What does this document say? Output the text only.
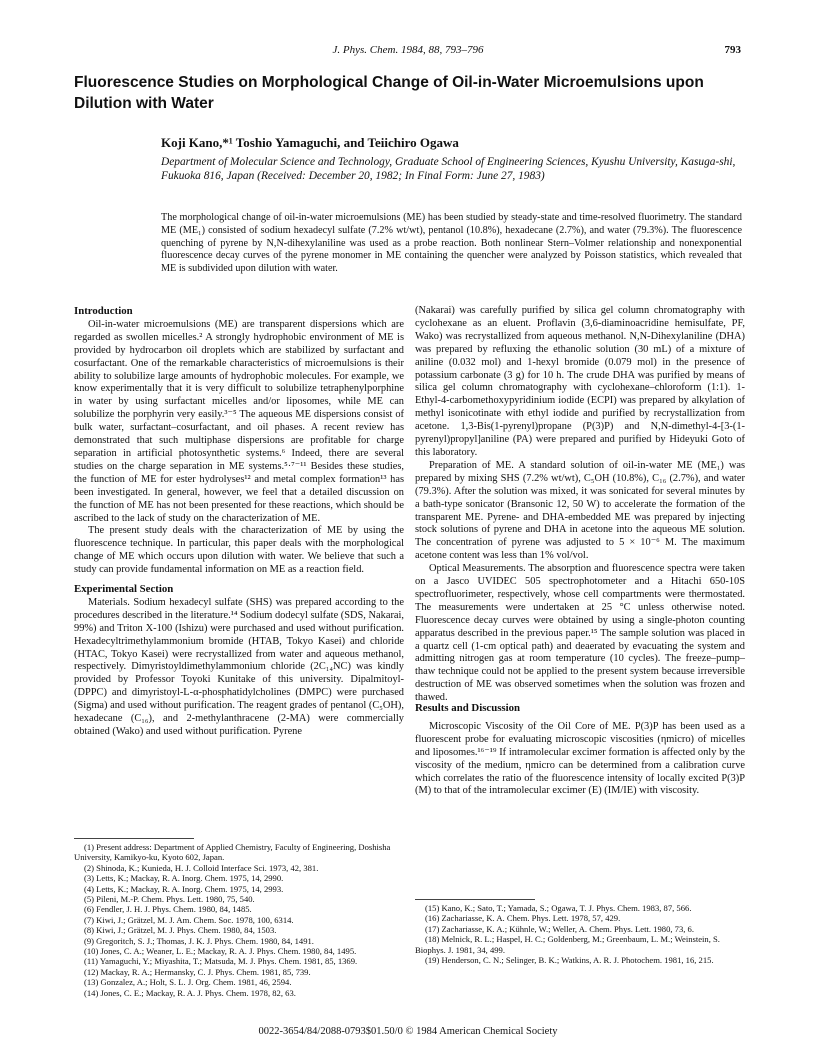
J. Phys. Chem. 1984, 88, 793–796	793
Fluorescence Studies on Morphological Change of Oil-in-Water Microemulsions upon Dilution with Water
Koji Kano,*¹ Toshio Yamaguchi, and Teiichiro Ogawa
Department of Molecular Science and Technology, Graduate School of Engineering Sciences, Kyushu University, Kasuga-shi, Fukuoka 816, Japan (Received: December 20, 1982; In Final Form: June 27, 1983)
The morphological change of oil-in-water microemulsions (ME) has been studied by steady-state and time-resolved fluorimetry. The standard ME (ME₁) consisted of sodium hexadecyl sulfate (7.2% wt/wt), pentanol (10.8%), hexadecane (2.7%), and water (79.3%). The fluorescence quenching of pyrene by N,N-dihexylaniline was used as a probe reaction. Both nonlinear Stern–Volmer relationship and nonexponential fluorescence decay curves of the pyrene monomer in ME containing the quencher were analyzed by Poisson statistics, which revealed that ME is subdivided upon dilution with water.
Introduction

Oil-in-water microemulsions (ME) are transparent dispersions which are regarded as swollen micelles.² A strongly hydrophobic environment of ME is provided by hydrocarbon oil droplets which are stabilized by surfactant and cosurfactant. One of the remarkable characteristics of microemulsions is their ability to solubilize large amounts of hydrophobic molecules. For example, we know experimentally that it is very difficult to solubilize tetraphenylporphine in water by using surfactant micelles and/or liposomes, while ME can solubilize the porphyrin very easily.³⁻⁵ The aqueous ME dispersions consist of bulk water, surfactant–cosurfactant, and oil phases. A recent review has demonstrated that such multiphase dispersions are profitable for charge separation in artificial photosynthetic systems.⁶ Indeed, there are several studies on the charge separation in ME systems.⁵·⁷⁻¹¹ Besides these studies, the function of ME for ester hydrolyses¹² and metal complex formation¹³ has been investigated. In general, however, we feel that a detailed discussion on the function of ME has not been presented for these reactions, which should be ascribed to the lack of study on the characterization of ME.

The present study deals with the characterization of ME by using the fluorescence technique. In particular, this paper deals with the morphological change of ME which occurs upon dilution with water. We believe that such a study can provide fundamental information on ME as a reaction field.

Experimental Section

Materials. Sodium hexadecyl sulfate (SHS) was prepared according to the procedures described in the literature.¹⁴ Sodium dodecyl sulfate (SDS, Nakarai, 99%) and Triton X-100 (Ishizu) were purchased and used without purification. Hexadecyltrimethylammonium bromide (HTAB, Tokyo Kasei) and chloride (HTAC, Tokyo Kasei) were recrystallized from water and aqueous methanol, respectively. Dimyristoyldimethylammonium chloride (2C₁₄NC) was kindly provided by Professor Toyoki Kunitake of this university. Dipalmitoyl- (DPPC) and dimyristoyl-L-α-phosphatidylcholines (DMPC) were purchased (Sigma) and used without purification. The reagent grades of pentanol (C₅OH), hexadecane (C₁₆), and 2-methylanthracene (2-MA) were commercially obtained (Wako) and used without purification. Pyrene

(Nakarai) was carefully purified by silica gel column chromatography with cyclohexane as an eluent. Proflavin (3,6-diaminoacridine hemisulfate, PF, Wako) was recrystallized from aqueous methanol. N,N-Dihexylaniline (DHA) was prepared by refluxing the ethanolic solution (30 mL) of a mixture of aniline (0.032 mol) and 1-hexyl bromide (0.079 mol) in the presence of potassium carbonate (3 g) for 10 h. The crude DHA was purified by means of silica gel column chromatography with cyclohexane–chloroform (1:1). 1-Ethyl-4-carbomethoxypyridinium iodide (ECPI) was prepared by alkylation of methyl isonicotinate with ethyl iodide and purified by recrystallization from acetone. 1,3-Bis(1-pyrenyl)propane (P(3)P) and N,N-dimethyl-4-[3-(1-pyrenyl)propyl]aniline (PA) were prepared and purified by Hideyuki Goto of this laboratory.

Preparation of ME. A standard solution of oil-in-water ME (ME₁) was prepared by mixing SHS (7.2% wt/wt), C₅OH (10.8%), C₁₆ (2.7%), and water (79.3%). After the solution was mixed, it was sonicated for several minutes by a bath-type sonicator (Bransonic 12, 50 W) to accelerate the formation of the transparent ME. Pyrene- and DHA-embedded ME was prepared by injecting stock solutions of pyrene and DHA in acetone into the aqueous ME solution. The concentration of pyrene was adjusted to 5 × 10⁻⁶ M. The maximum acetone content was less than 1% vol/vol.

Optical Measurements. The absorption and fluorescence spectra were taken on a Jasco UVIDEC 505 spectrophotometer and a Hitachi 650-10S spectrofluorimeter, respectively, whose cell compartments were thermostated. The measurements were undertaken at 25 °C unless otherwise noted. Fluorescence decay curves were obtained by using a single-photon counting apparatus described in the previous paper.¹⁵ The sample solution was placed in a quartz cell (1-cm optical path) and deaerated by evacuating the system and admitting nitrogen gas at room temperature (10 cycles). The freeze–pump–thaw technique could not be applied to the present system because irreversible destruction of ME was observed sometimes when the solution was frozen and thawed.

Results and Discussion

Microscopic Viscosity of the Oil Core of ME. P(3)P has been used as a fluorescent probe for evaluating microscopic viscosities (ηmicro) of micelles and liposomes.¹⁶⁻¹⁹ If intramolecular excimer formation is affected only by the viscosity of the medium, ηmicro can be determined from a calibration curve which correlates the ratio of the fluorescence intensity of locally excited P(3)P (M) to that of the intramolecular excimer (E) (IM/IE) with viscosity.

(1) Present address: Department of Applied Chemistry, Faculty of Engineering, Doshisha University, Kamikyo-ku, Kyoto 602, Japan.
(2) Shinoda, K.; Kunieda, H. J. Colloid Interface Sci. 1973, 42, 381.
(3) Letts, K.; Mackay, R. A. Inorg. Chem. 1975, 14, 2990.
(4) Letts, K.; Mackay, R. A. Inorg. Chem. 1975, 14, 2993.
(5) Pileni, M.-P. Chem. Phys. Lett. 1980, 75, 540.
(6) Fendler, J. H. J. Phys. Chem. 1980, 84, 1485.
(7) Kiwi, J.; Grätzel, M. J. Am. Chem. Soc. 1978, 100, 6314.
(8) Kiwi, J.; Grätzel, M. J. Phys. Chem. 1980, 84, 1503.
(9) Gregoritch, S. J.; Thomas, J. K. J. Phys. Chem. 1980, 84, 1491.
(10) Jones, C. A.; Weaner, L. E.; Mackay, R. A. J. Phys. Chem. 1980, 84, 1495.
(11) Yamaguchi, Y.; Miyashita, T.; Matsuda, M. J. Phys. Chem. 1981, 85, 1369.
(12) Mackay, R. A.; Hermansky, C. J. Phys. Chem. 1981, 85, 739.
(13) Gonzalez, A.; Holt, S. L. J. Org. Chem. 1981, 46, 2594.
(14) Jones, C. E.; Mackay, R. A. J. Phys. Chem. 1978, 82, 63.
(15) Kano, K.; Sato, T.; Yamada, S.; Ogawa, T. J. Phys. Chem. 1983, 87, 566.
(16) Zachariasse, K. A. Chem. Phys. Lett. 1978, 57, 429.
(17) Zachariasse, K. A.; Kühnle, W.; Weller, A. Chem. Phys. Lett. 1980, 73, 6.
(18) Melnick, R. L.; Haspel, H. C.; Goldenberg, M.; Greenbaum, L. M.; Weinstein, S. Biophys. J. 1981, 34, 499.
(19) Henderson, C. N.; Selinger, B. K.; Watkins, A. R. J. Photochem. 1981, 16, 215.
0022-3654/84/2088-0793$01.50/0 © 1984 American Chemical Society
